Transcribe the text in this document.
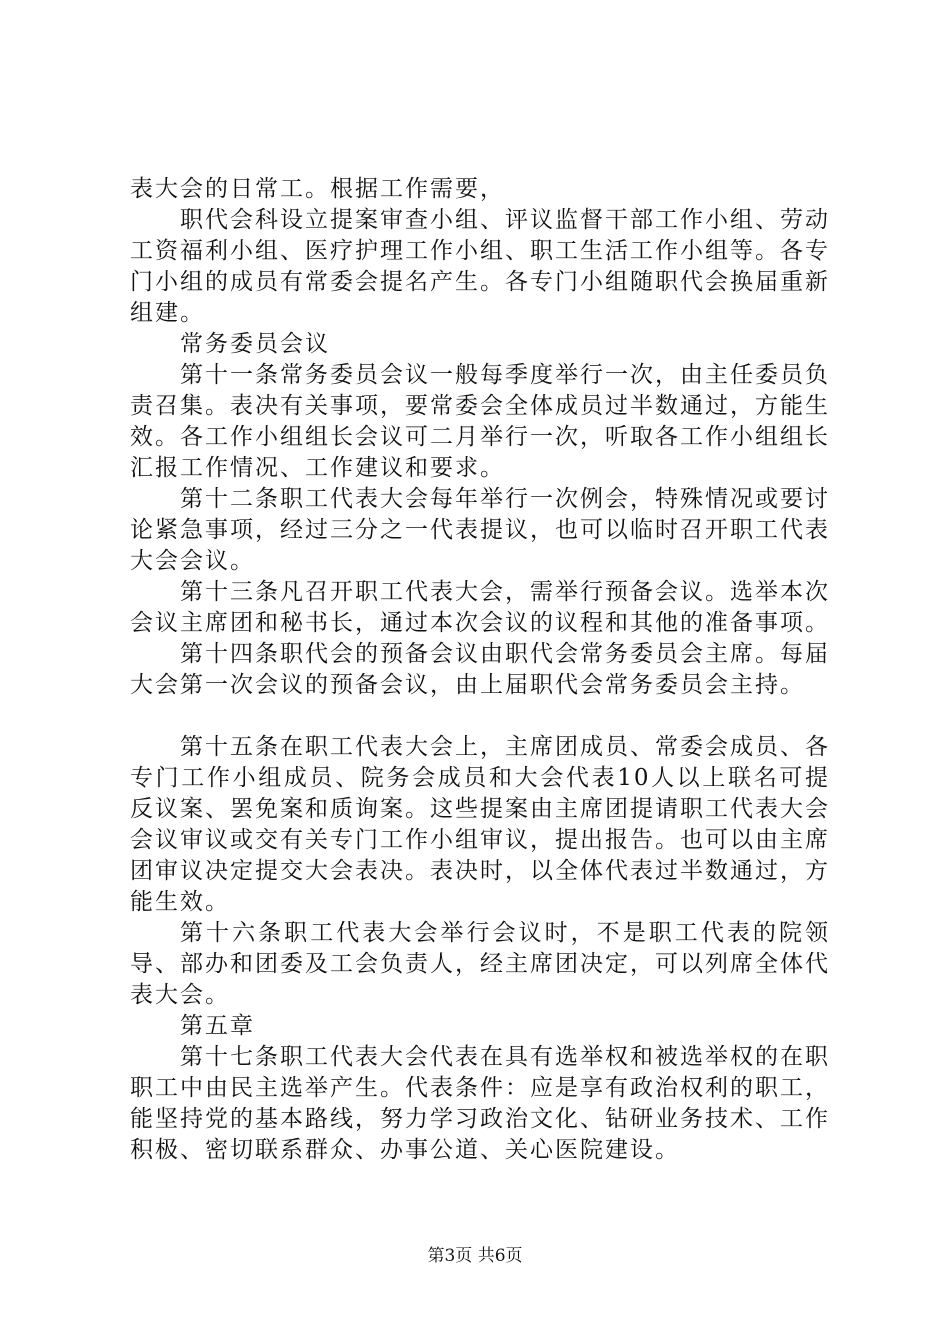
表大会的日常工。根据工作需要，

职代会科设立提案审查小组、评议监督干部工作小组、劳动工资福利小组、医疗护理工作小组、职工生活工作小组等。各专门小组的成员有常委会提名产生。各专门小组随职代会换届重新组建。

常务委员会议

第十一条常务委员会议一般每季度举行一次，由主任委员负责召集。表决有关事项，要常委会全体成员过半数通过，方能生效。各工作小组组长会议可二月举行一次，听取各工作小组组长汇报工作情况、工作建议和要求。

第十二条职工代表大会每年举行一次例会，特殊情况或要讨论紧急事项，经过三分之一代表提议，也可以临时召开职工代表大会会议。

第十三条凡召开职工代表大会，需举行预备会议。选举本次会议主席团和秘书长，通过本次会议的议程和其他的准备事项。

第十四条职代会的预备会议由职代会常务委员会主席。每届大会第一次会议的预备会议，由上届职代会常务委员会主持。

第十五条在职工代表大会上，主席团成员、常委会成员、各专门工作小组成员、院务会成员和大会代表10人以上联名可提反议案、罢免案和质询案。这些提案由主席团提请职工代表大会会议审议或交有关专门工作小组审议，提出报告。也可以由主席团审议决定提交大会表决。表决时，以全体代表过半数通过，方能生效。

第十六条职工代表大会举行会议时，不是职工代表的院领导、部办和团委及工会负责人，经主席团决定，可以列席全体代表大会。

第五章

第十七条职工代表大会代表在具有选举权和被选举权的在职职工中由民主选举产生。代表条件：应是享有政治权利的职工，能坚持党的基本路线，努力学习政治文化、钻研业务技术、工作积极、密切联系群众、办事公道、关心医院建设。

第3页 共6页
